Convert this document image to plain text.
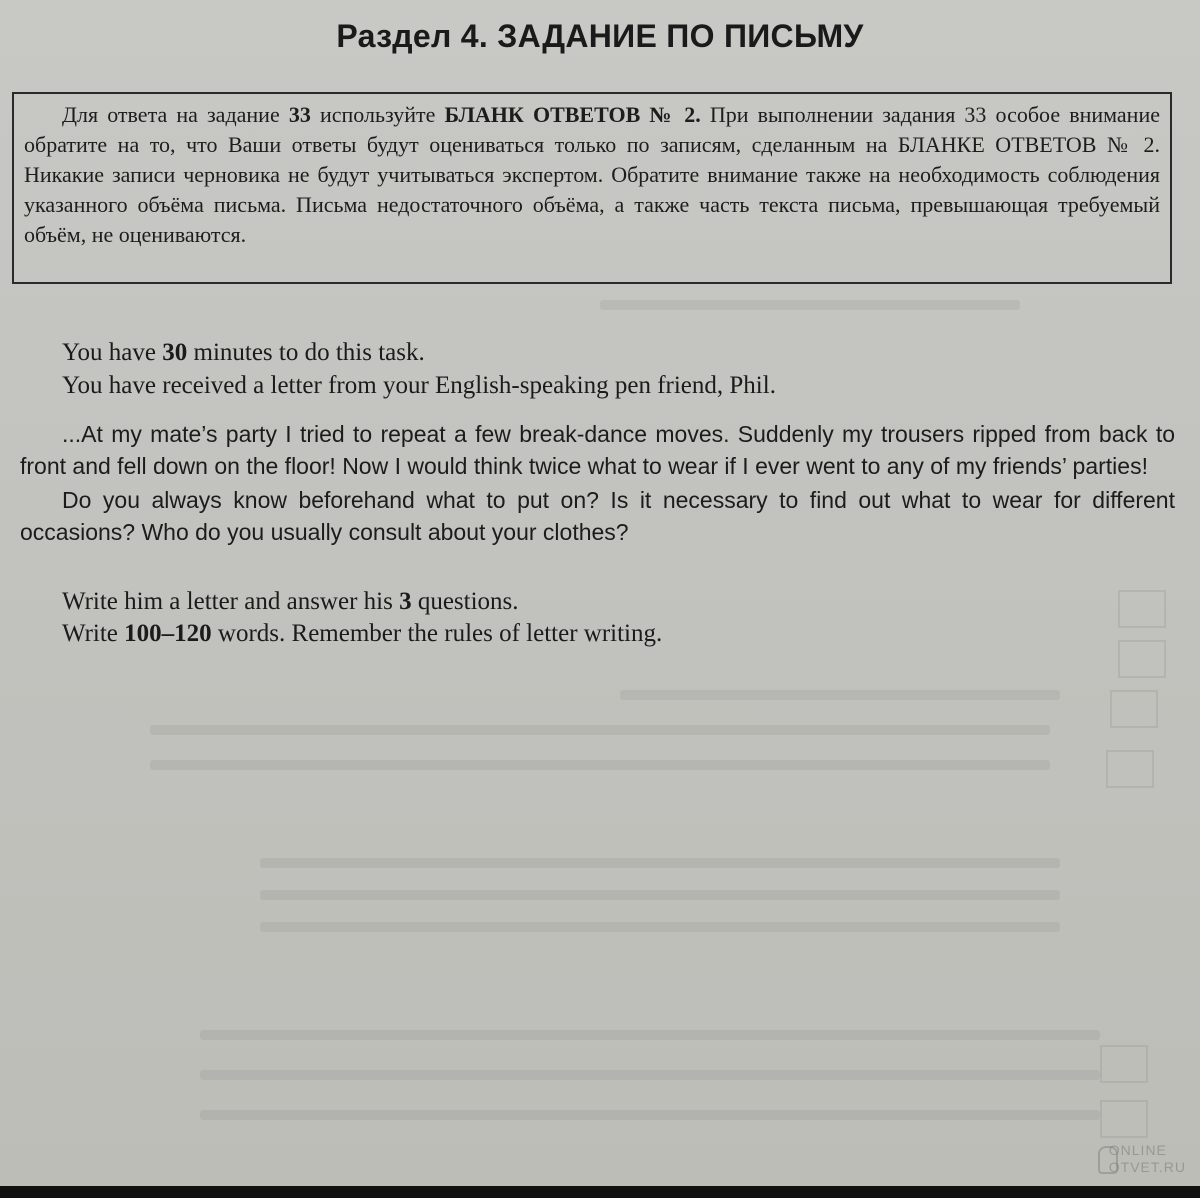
Раздел 4. ЗАДАНИЕ ПО ПИСЬМУ

Для ответа на задание 33 используйте БЛАНК ОТВЕТОВ № 2. При выполнении задания 33 особое внимание обратите на то, что Ваши ответы будут оцениваться только по записям, сделанным на БЛАНКЕ ОТВЕТОВ № 2. Никакие записи черновика не будут учитываться экспертом. Обратите внимание также на необходимость соблюдения указанного объёма письма. Письма недостаточного объёма, а также часть текста письма, превышающая требуемый объём, не оцениваются.

You have 30 minutes to do this task.

You have received a letter from your English-speaking pen friend, Phil.

...At my mate’s party I tried to repeat a few break-dance moves. Suddenly my trousers ripped from back to front and fell down on the floor! Now I would think twice what to wear if I ever went to any of my friends’ parties!

Do you always know beforehand what to put on? Is it necessary to find out what to wear for different occasions? Who do you usually consult about your clothes?

Write him a letter and answer his 3 questions.

Write 100–120 words. Remember the rules of letter writing.

ONLINE
OTVET.RU
